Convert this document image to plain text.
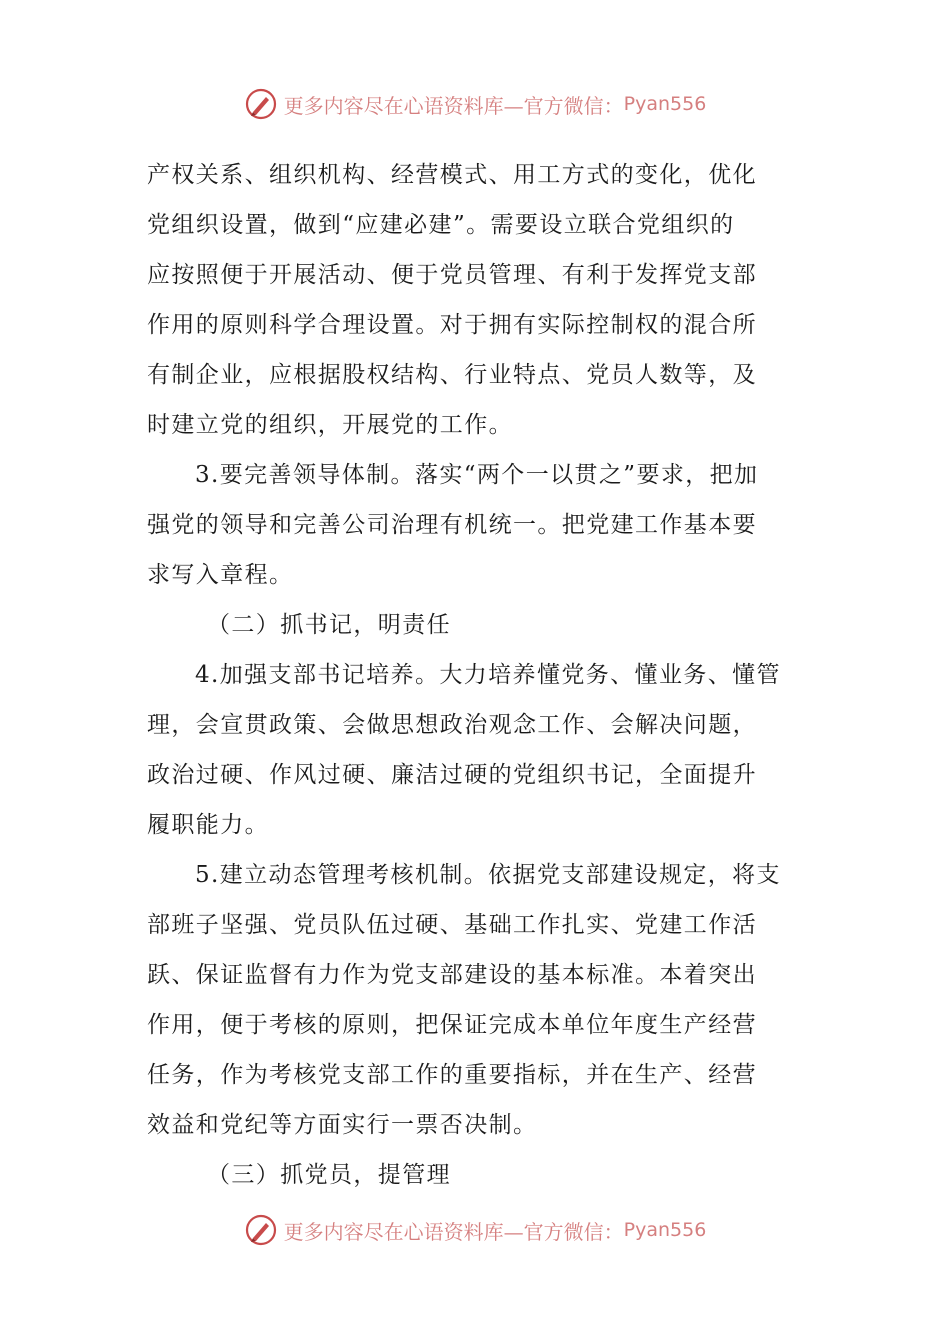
更多内容尽在心语资料库—官方微信： Pyan556
产权关系、组织机构、经营模式、用工方式的变化，优化
党组织设置，做到“应建必建”。需要设立联合党组织的
应按照便于开展活动、便于党员管理、有利于发挥党支部
作用的原则科学合理设置。对于拥有实际控制权的混合所
有制企业，应根据股权结构、行业特点、党员人数等，及
时建立党的组织，开展党的工作。
3.要完善领导体制。落实“两个一以贯之”要求，把加
强党的领导和完善公司治理有机统一。把党建工作基本要
求写入章程。
（二）抓书记，明责任
4.加强支部书记培养。大力培养懂党务、懂业务、懂管
理，会宣贯政策、会做思想政治观念工作、会解决问题，
政治过硬、作风过硬、廉洁过硬的党组织书记，全面提升
履职能力。
5.建立动态管理考核机制。依据党支部建设规定，将支
部班子坚强、党员队伍过硬、基础工作扎实、党建工作活
跃、保证监督有力作为党支部建设的基本标准。本着突出
作用，便于考核的原则，把保证完成本单位年度生产经营
任务，作为考核党支部工作的重要指标，并在生产、经营
效益和党纪等方面实行一票否决制。
（三）抓党员，提管理
更多内容尽在心语资料库—官方微信： Pyan556
